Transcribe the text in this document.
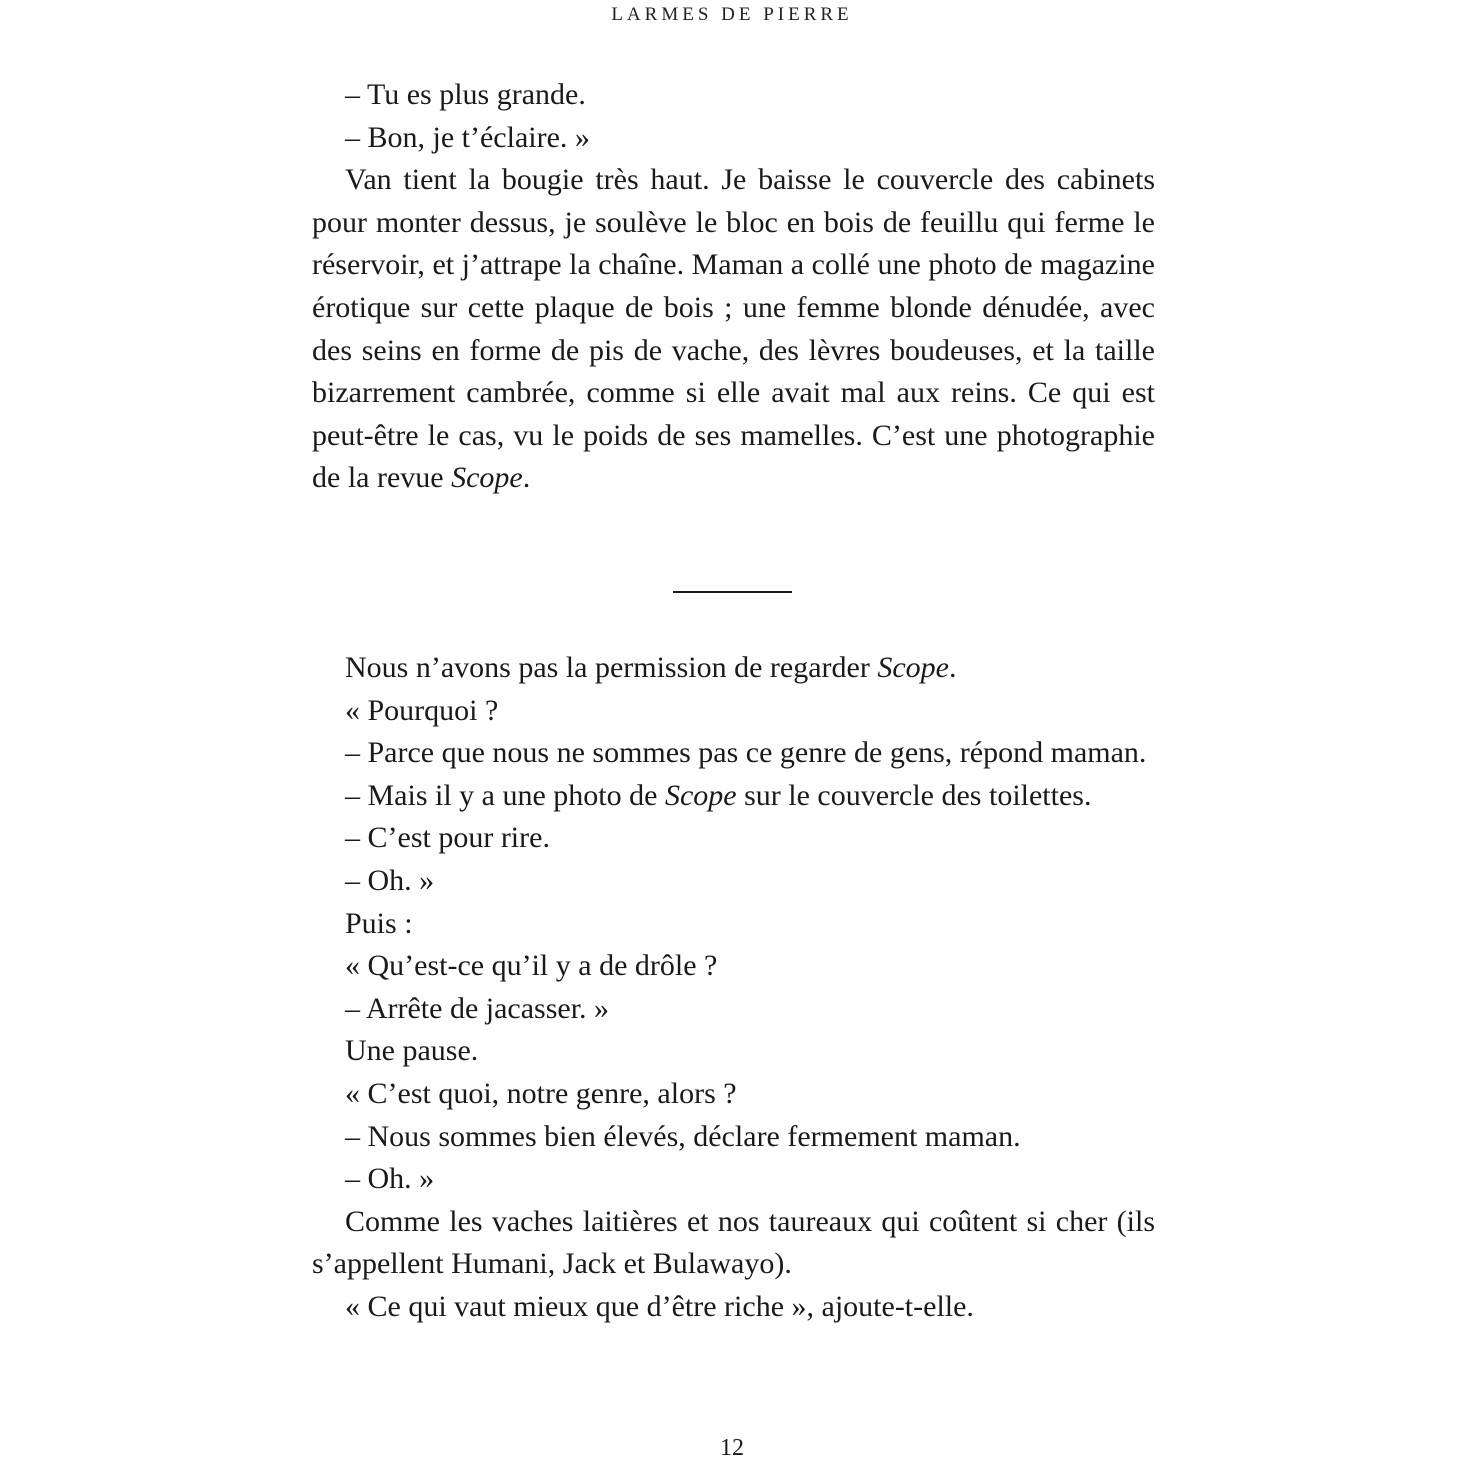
LARMES DE PIERRE

– Tu es plus grande.

– Bon, je t’éclaire. »

Van tient la bougie très haut. Je baisse le couvercle des cabinets pour monter dessus, je soulève le bloc en bois de feuillu qui ferme le réservoir, et j’attrape la chaîne. Maman a collé une photo de magazine érotique sur cette plaque de bois ; une femme blonde dénudée, avec des seins en forme de pis de vache, des lèvres boudeuses, et la taille bizarrement cambrée, comme si elle avait mal aux reins. Ce qui est peut-être le cas, vu le poids de ses mamelles. C’est une photographie de la revue Scope.

Nous n’avons pas la permission de regarder Scope.

« Pourquoi ?

– Parce que nous ne sommes pas ce genre de gens, répond maman.

– Mais il y a une photo de Scope sur le couvercle des toilettes.

– C’est pour rire.

– Oh. »

Puis :

« Qu’est-ce qu’il y a de drôle ?

– Arrête de jacasser. »

Une pause.

« C’est quoi, notre genre, alors ?

– Nous sommes bien élevés, déclare fermement maman.

– Oh. »

Comme les vaches laitières et nos taureaux qui coûtent si cher (ils s’appellent Humani, Jack et Bulawayo).

« Ce qui vaut mieux que d’être riche », ajoute-t-elle.

12
